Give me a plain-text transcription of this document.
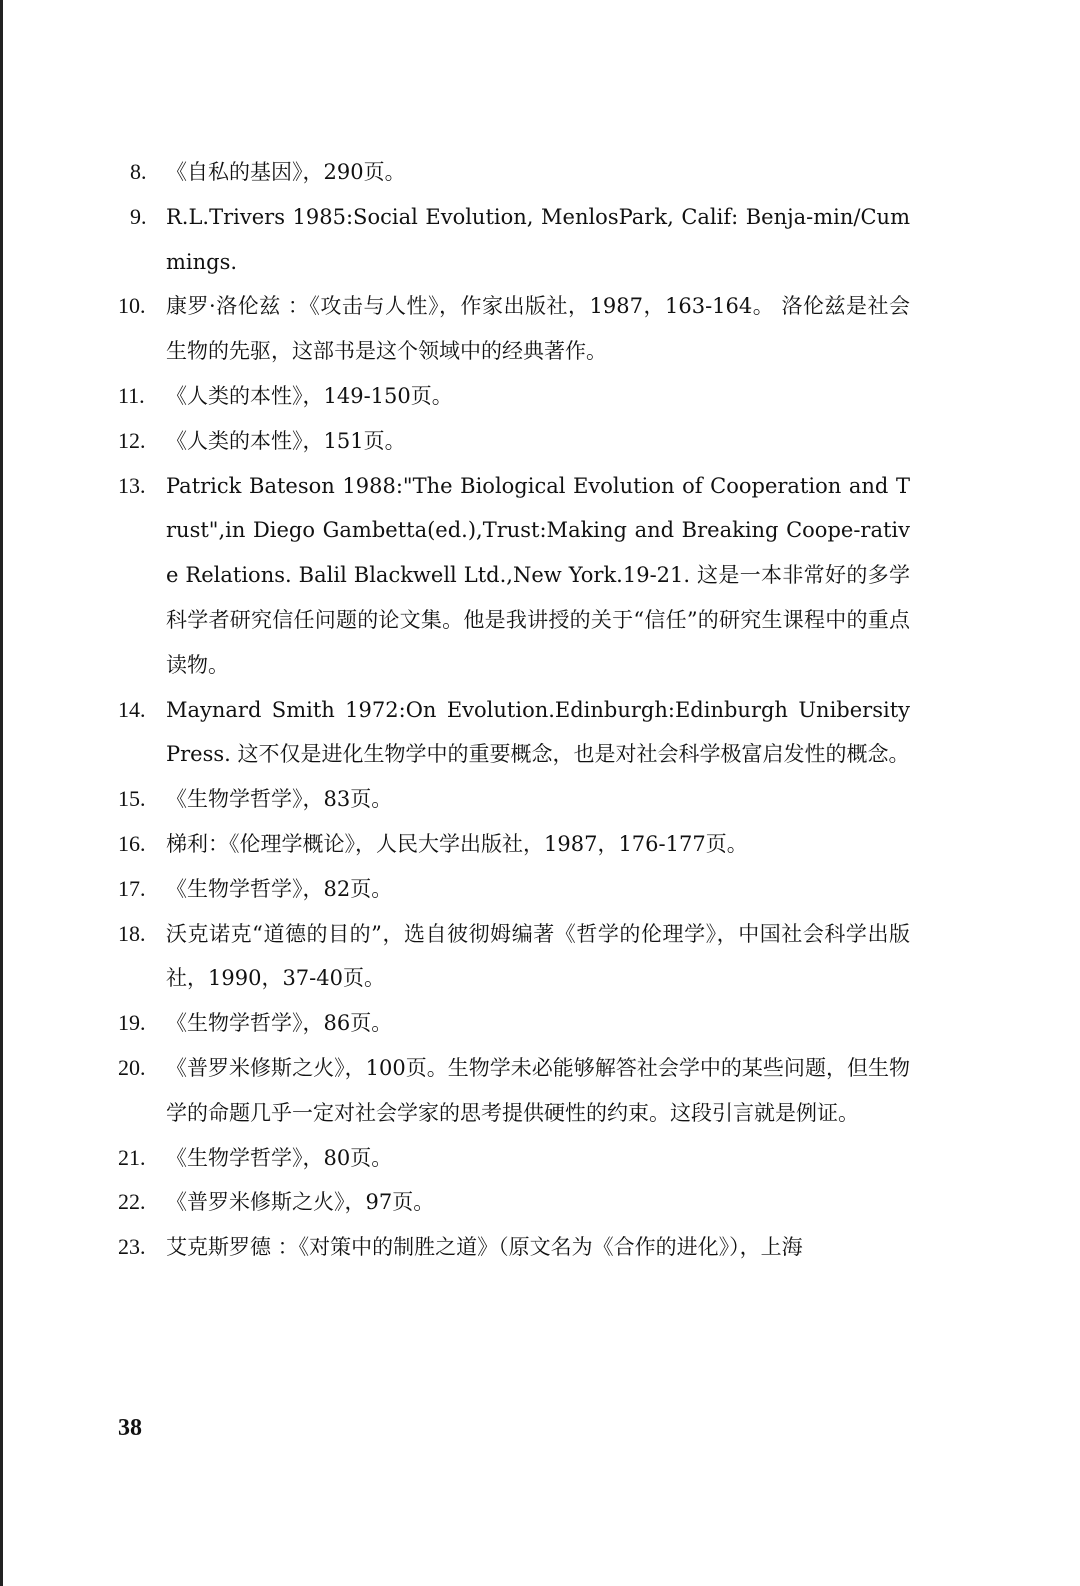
8. 《自私的基因》，290页。
9. R.L.Trivers 1985:Social Evolution, MenlosPark, Calif: Benja-min/Cummings.
10. 康罗·洛伦兹 ：《攻击与人性》，作家出版社，1987，163-164。 洛伦兹是社会生物的先驱，这部书是这个领域中的经典著作。
11.	《人类的本性》，149-150页。
12. 《人类的本性》，151页。
13. Patrick Bateson 1988:"The Biological Evolution of Cooperation and Trust",in Diego Gambetta(ed.),Trust:Making and Breaking Coope-rative Relations. Balil Blackwell Ltd.,New York.19-21. 这是一本非常好的多学科学者研究信任问题的论文集。他是我讲授的关于“信任”的研究生课程中的重点读物。
14. Maynard Smith 1972:On Evolution.Edinburgh:Edinburgh Unibersity Press. 这不仅是进化生物学中的重要概念，也是对社会科学极富启发性的概念。
15. 《生物学哲学》，83页。
16. 梯利：《伦理学概论》，人民大学出版社，1987，176-177页。
17. 《生物学哲学》，82页。
18. 沃克诺克“道德的目的”，选自彼彻姆编著《哲学的伦理学》，中国社会科学出版社，1990，37-40页。
19. 《生物学哲学》，86页。
20. 《普罗米修斯之火》，100页。生物学未必能够解答社会学中的某些问题，但生物学的命题几乎一定对社会学家的思考提供硬性的约束。这段引言就是例证。
21. 《生物学哲学》，80页。
22. 《普罗米修斯之火》，97页。
23. 艾克斯罗德 ：《对策中的制胜之道》（原文名为《合作的进化》），上海
38
